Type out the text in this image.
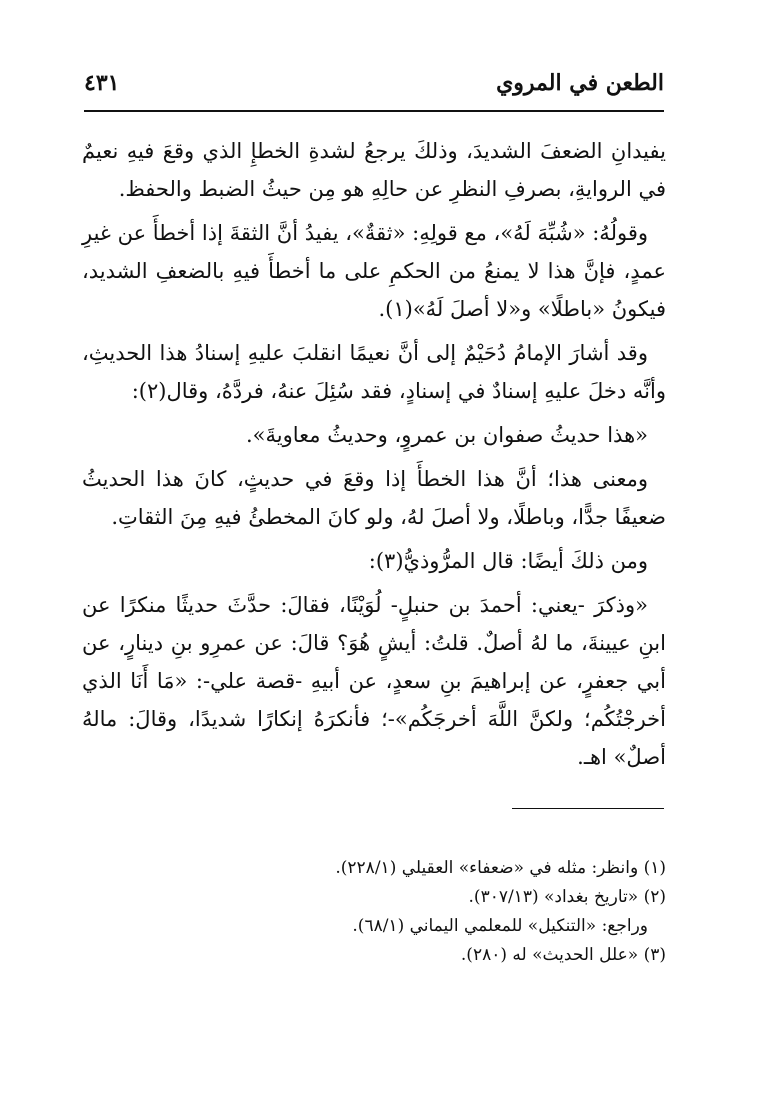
الطعن في المروي
٤٣١

يفيدانِ الضعفَ الشديدَ، وذلكَ يرجعُ لشدةِ الخطإِ الذي وقعَ فيهِ نعيمٌ في الروايةِ، بصرفِ النظرِ عن حالِهِ هو مِن حيثُ الضبط والحفظ.

وقولُهُ: «شُبِّهَ لَهُ»، مع قولِهِ: «ثقةٌ»، يفيدُ أنَّ الثقةَ إذا أخطأَ عن غيرِ عمدٍ، فإنَّ هذا لا يمنعُ من الحكمِ على ما أخطأَ فيهِ بالضعفِ الشديد، فيكونُ «باطلًا» و«لا أصلَ لَهُ»(١).

وقد أشارَ الإمامُ دُحَيْمٌ إلى أنَّ نعيمًا انقلبَ عليهِ إسنادُ هذا الحديثِ، وأنَّه دخلَ عليهِ إسنادٌ في إسنادٍ، فقد سُئِلَ عنهُ، فردَّهُ، وقال(٢):

«هذا حديثُ صفوان بن عمروٍ، وحديثُ معاويةَ».

ومعنى هذا؛ أنَّ هذا الخطأَ إذا وقعَ في حديثٍ، كانَ هذا الحديثُ ضعيفًا جدًّا، وباطلًا، ولا أصلَ لهُ، ولو كانَ المخطئُ فيهِ مِنَ الثقاتِ.

ومن ذلكَ أيضًا: قال المرُّوذيُّ(٣):

«وذكرَ -يعني: أحمدَ بن حنبلٍ- لُوَيْنًا، فقالَ: حدَّثَ حديثًا منكرًا عن ابنِ عيينةَ، ما لهُ أصلٌ. قلتُ: أيشٍ هُوَ؟ قالَ: عن عمرِو بنِ دينارٍ، عن أبي جعفرٍ، عن إبراهيمَ بنِ سعدٍ، عن أبيهِ -قصة علي-: «مَا أَنَا الذي أخرجْتُكُم؛ ولكنَّ اللَّهَ أخرجَكُم»-؛ فأنكرَهُ إنكارًا شديدًا، وقالَ: مالهُ أصلٌ» اهـ.

(١) وانظر: مثله في «ضعفاء» العقيلي (٢٢٨/١).

(٢) «تاريخ بغداد» (٣٠٧/١٣).

وراجع: «التنكيل» للمعلمي اليماني (٦٨/١).

(٣) «علل الحديث» له (٢٨٠).
